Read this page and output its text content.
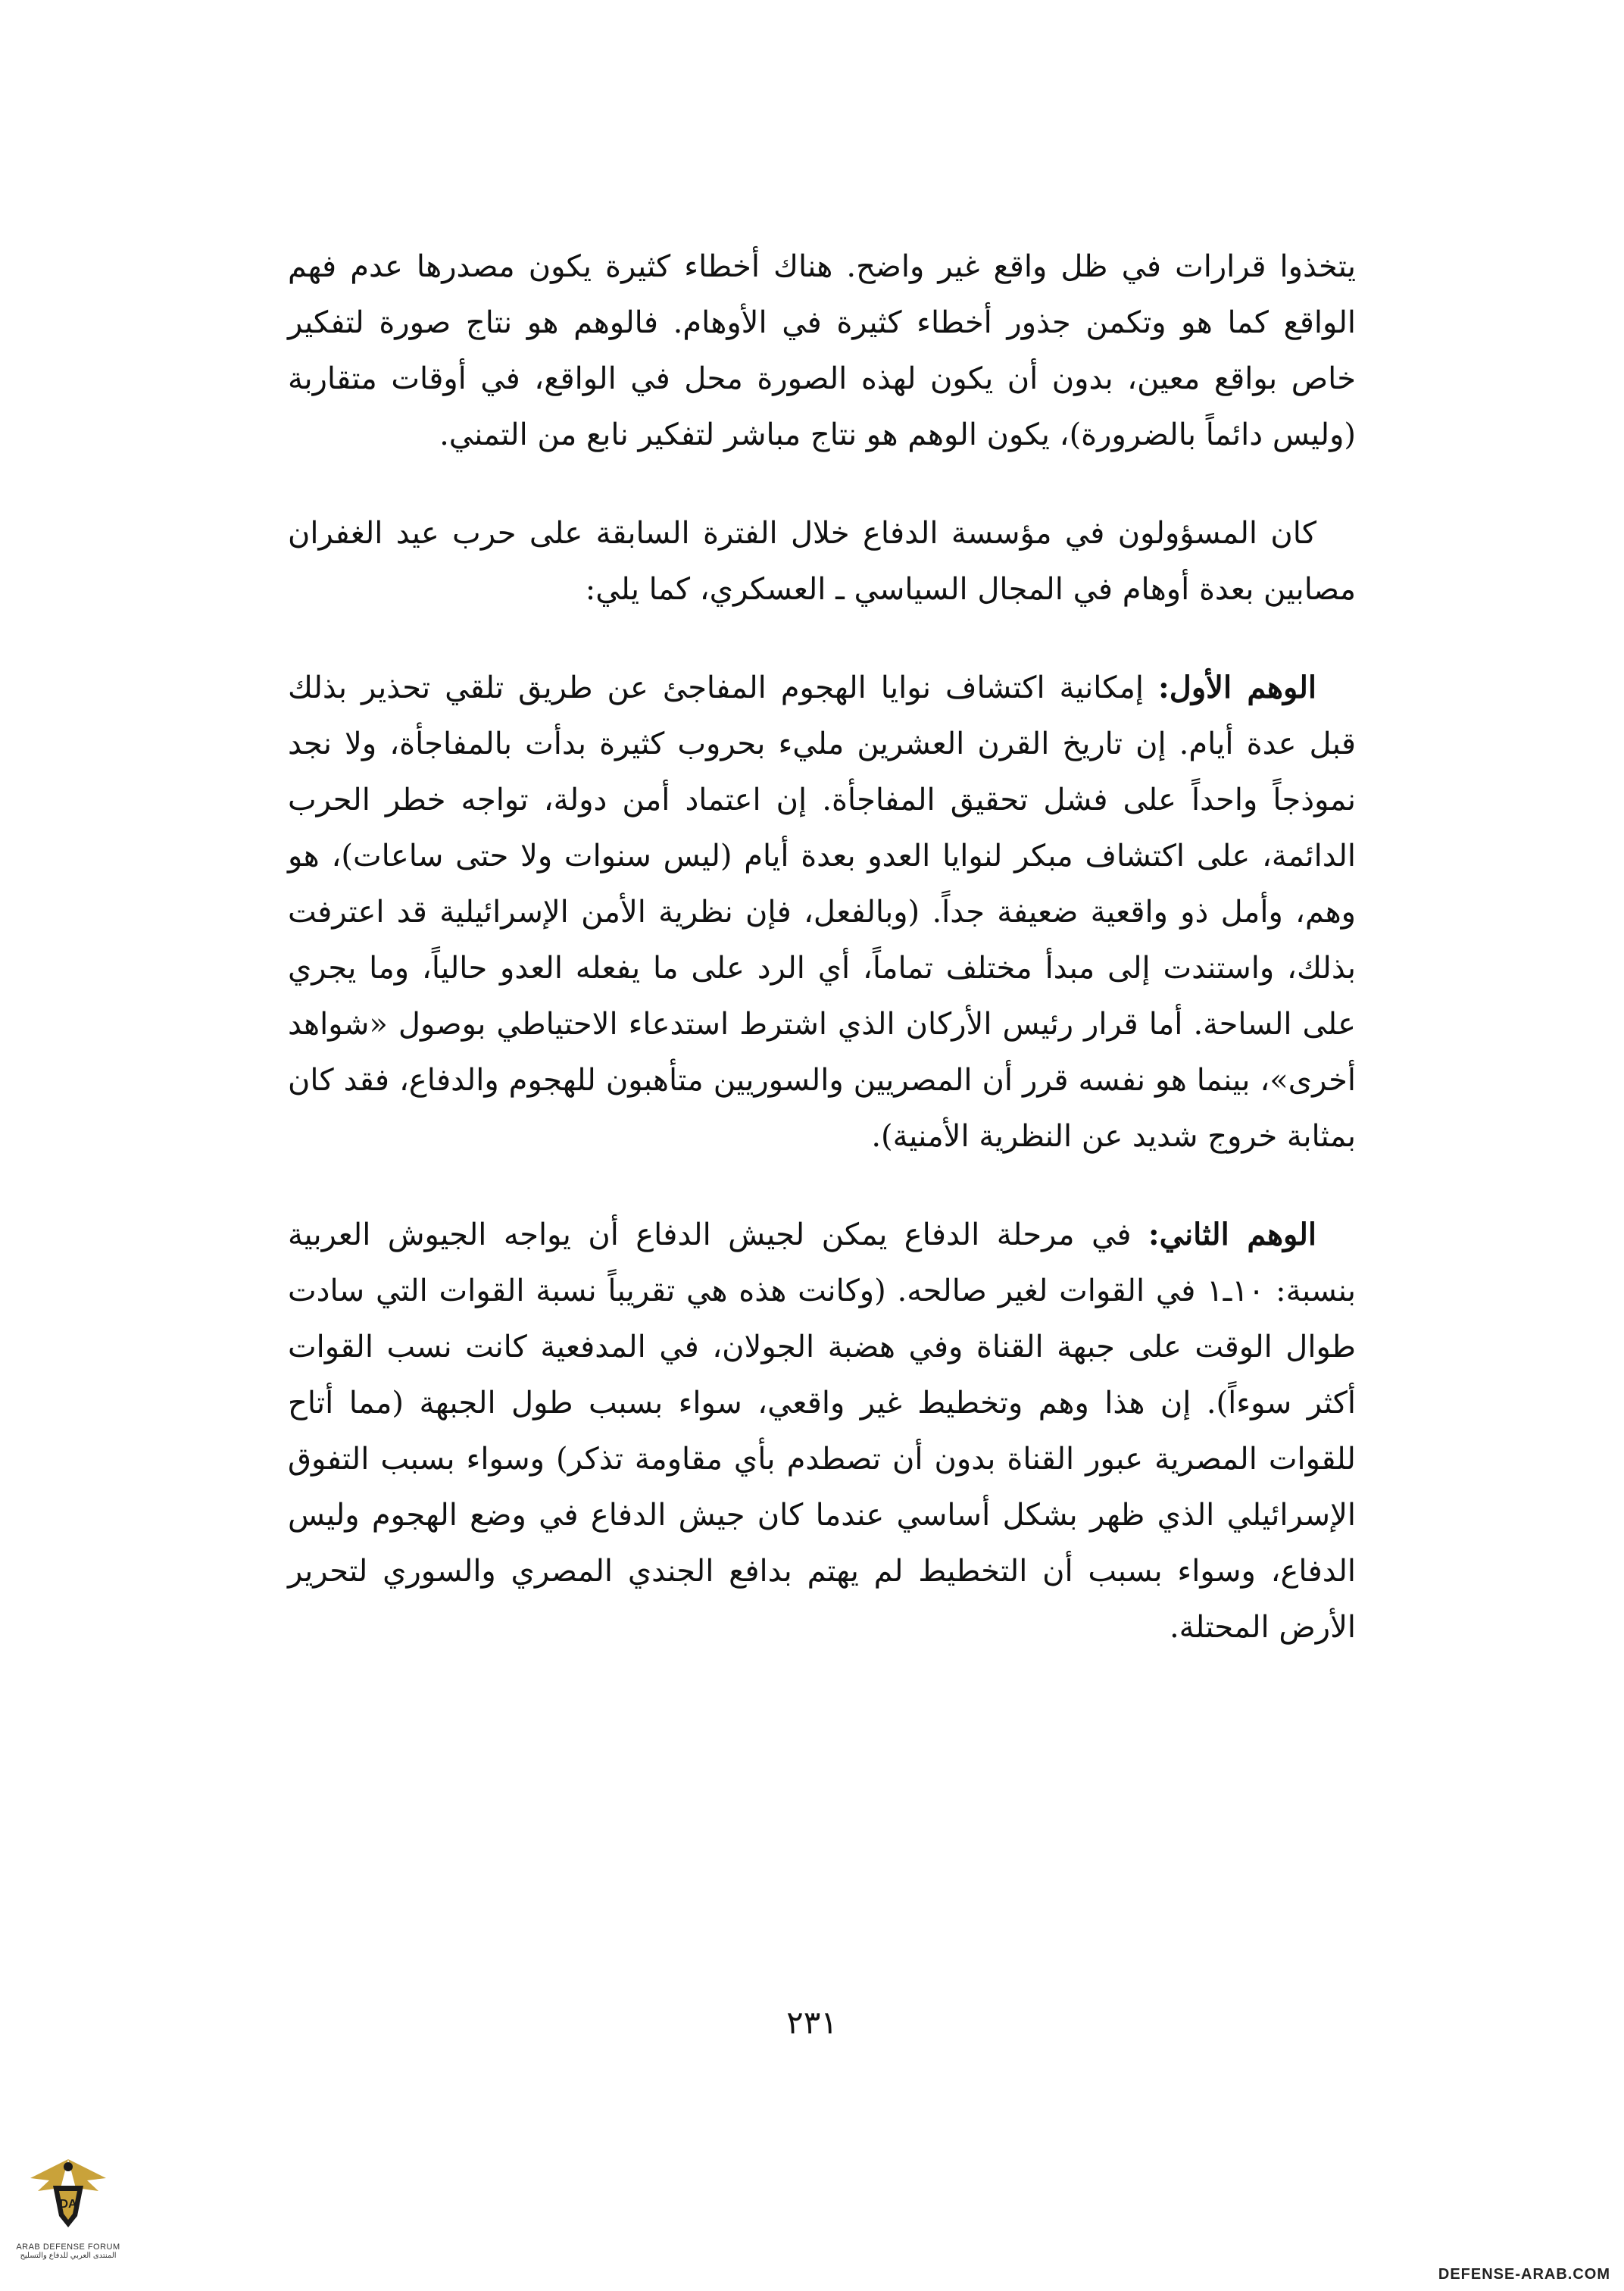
يتخذوا قرارات في ظل واقع غير واضح. هناك أخطاء كثيرة يكون مصدرها عدم فهم الواقع كما هو وتكمن جذور أخطاء كثيرة في الأوهام. فالوهم هو نتاج صورة لتفكير خاص بواقع معين، بدون أن يكون لهذه الصورة محل في الواقع، في أوقات متقاربة (وليس دائماً بالضرورة)، يكون الوهم هو نتاج مباشر لتفكير نابع من التمني.

كان المسؤولون في مؤسسة الدفاع خلال الفترة السابقة على حرب عيد الغفران مصابين بعدة أوهام في المجال السياسي ـ العسكري، كما يلي:

الوهم الأول: إمكانية اكتشاف نوايا الهجوم المفاجئ عن طريق تلقي تحذير بذلك قبل عدة أيام. إن تاريخ القرن العشرين مليء بحروب كثيرة بدأت بالمفاجأة، ولا نجد نموذجاً واحداً على فشل تحقيق المفاجأة. إن اعتماد أمن دولة، تواجه خطر الحرب الدائمة، على اكتشاف مبكر لنوايا العدو بعدة أيام (ليس سنوات ولا حتى ساعات)، هو وهم، وأمل ذو واقعية ضعيفة جداً. (وبالفعل، فإن نظرية الأمن الإسرائيلية قد اعترفت بذلك، واستندت إلى مبدأ مختلف تماماً، أي الرد على ما يفعله العدو حالياً، وما يجري على الساحة. أما قرار رئيس الأركان الذي اشترط استدعاء الاحتياطي بوصول «شواهد أخرى»، بينما هو نفسه قرر أن المصريين والسوريين متأهبون للهجوم والدفاع، فقد كان بمثابة خروج شديد عن النظرية الأمنية).

الوهم الثاني: في مرحلة الدفاع يمكن لجيش الدفاع أن يواجه الجيوش العربية بنسبة: ١٠ـ١ في القوات لغير صالحه. (وكانت هذه هي تقريباً نسبة القوات التي سادت طوال الوقت على جبهة القناة وفي هضبة الجولان، في المدفعية كانت نسب القوات أكثر سوءاً). إن هذا وهم وتخطيط غير واقعي، سواء بسبب طول الجبهة (مما أتاح للقوات المصرية عبور القناة بدون أن تصطدم بأي مقاومة تذكر) وسواء بسبب التفوق الإسرائيلي الذي ظهر بشكل أساسي عندما كان جيش الدفاع في وضع الهجوم وليس الدفاع، وسواء بسبب أن التخطيط لم يهتم بدافع الجندي المصري والسوري لتحرير الأرض المحتلة.

٢٣١
DA
ARAB DEFENSE FORUM
المنتدى العربي للدفاع والتسليح
DEFENSE-ARAB.COM
